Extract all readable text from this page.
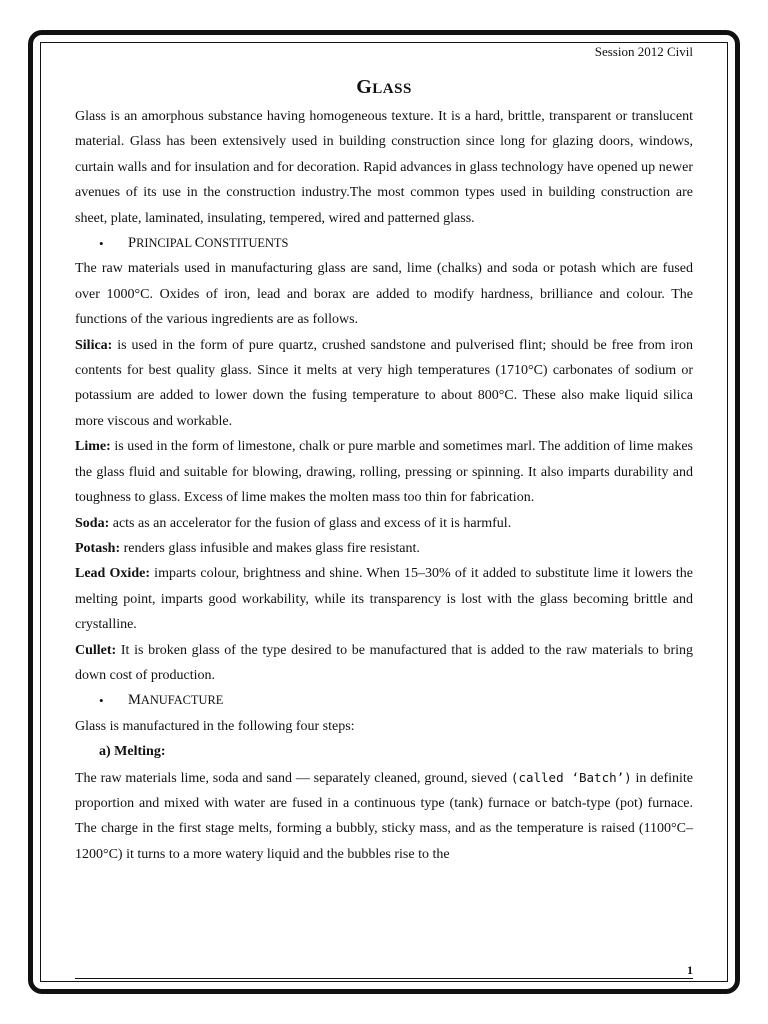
Session 2012 Civil
GLASS

Glass is an amorphous substance having homogeneous texture. It is a hard, brittle, transparent or translucent material. Glass has been extensively used in building construction since long for glazing doors, windows, curtain walls and for insulation and for decoration. Rapid advances in glass technology have opened up newer avenues of its use in the construction industry.The most common types used in building construction are sheet, plate, laminated, insulating, tempered, wired and patterned glass.

• PRINCIPAL CONSTITUENTS

The raw materials used in manufacturing glass are sand, lime (chalks) and soda or potash which are fused over 1000°C. Oxides of iron, lead and borax are added to modify hardness, brilliance and colour. The functions of the various ingredients are as follows.

Silica: is used in the form of pure quartz, crushed sandstone and pulverised flint; should be free from iron contents for best quality glass. Since it melts at very high temperatures (1710°C) carbonates of sodium or potassium are added to lower down the fusing temperature to about 800°C. These also make liquid silica more viscous and workable.

Lime: is used in the form of limestone, chalk or pure marble and sometimes marl. The addition of lime makes the glass fluid and suitable for blowing, drawing, rolling, pressing or spinning. It also imparts durability and toughness to glass. Excess of lime makes the molten mass too thin for fabrication.

Soda: acts as an accelerator for the fusion of glass and excess of it is harmful.

Potash: renders glass infusible and makes glass fire resistant.

Lead Oxide: imparts colour, brightness and shine. When 15–30% of it added to substitute lime it lowers the melting point, imparts good workability, while its transparency is lost with the glass becoming brittle and crystalline.

Cullet: It is broken glass of the type desired to be manufactured that is added to the raw materials to bring down cost of production.

• MANUFACTURE

Glass is manufactured in the following four steps:

a) Melting:

The raw materials lime, soda and sand — separately cleaned, ground, sieved (called ‘Batch’) in definite proportion and mixed with water are fused in a continuous type (tank) furnace or batch-type (pot) furnace. The charge in the first stage melts, forming a bubbly, sticky mass, and as the temperature is raised (1100°C–1200°C) it turns to a more watery liquid and the bubbles rise to the

1
